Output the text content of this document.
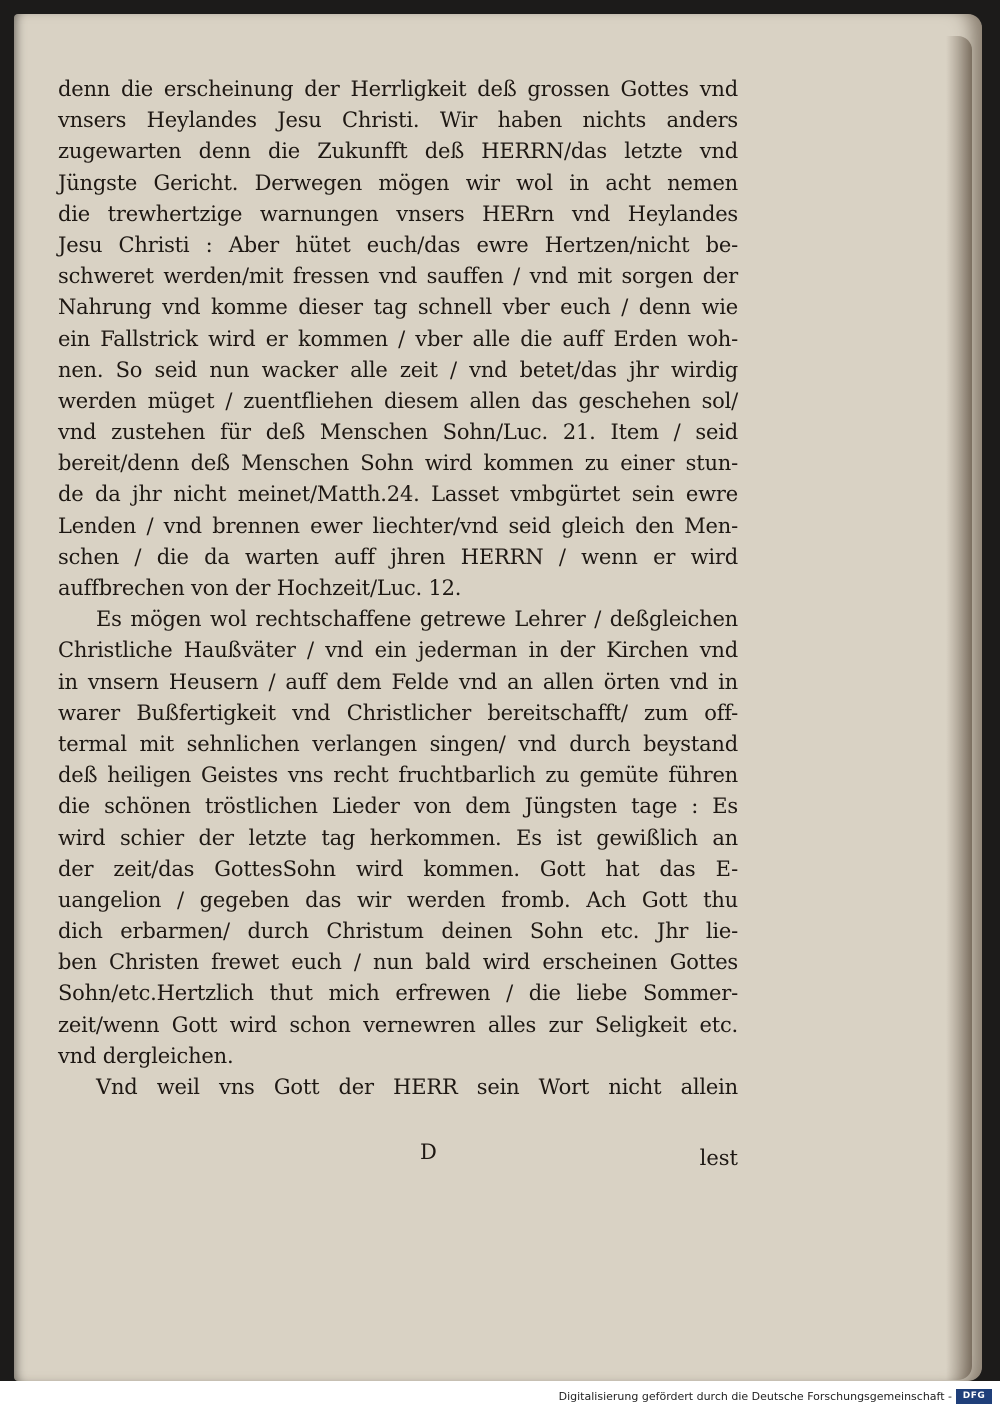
denn die erscheinung der Herrligkeit deß grossen Gottes vnd
vnsers Heylandes Jesu Christi. Wir haben nichts anders
zugewarten denn die Zukunfft deß HERRN/das letzte vnd
Jüngste Gericht. Derwegen mögen wir wol in acht nemen
die trewhertzige warnungen vnsers HERrn vnd Heylandes
Jesu Christi : Aber hütet euch/das ewre Hertzen/nicht be-
schweret werden/mit fressen vnd sauffen / vnd mit sorgen der
Nahrung vnd komme dieser tag schnell vber euch / denn wie
ein Fallstrick wird er kommen / vber alle die auff Erden woh-
nen. So seid nun wacker alle zeit / vnd betet/das jhr wirdig
werden müget / zuentfliehen diesem allen das geschehen sol/
vnd zustehen für deß Menschen Sohn/Luc. 21. Item / seid
bereit/denn deß Menschen Sohn wird kommen zu einer stun-
de da jhr nicht meinet/Matth.24. Lasset vmbgürtet sein ewre
Lenden / vnd brennen ewer liechter/vnd seid gleich den Men-
schen / die da warten auff jhren HERRN / wenn er wird
auffbrechen von der Hochzeit/Luc. 12.
Es mögen wol rechtschaffene getrewe Lehrer / deßgleichen
Christliche Haußväter / vnd ein jederman in der Kirchen vnd
in vnsern Heusern / auff dem Felde vnd an allen örten vnd in
warer Bußfertigkeit vnd Christlicher bereitschafft/ zum off-
termal mit sehnlichen verlangen singen/ vnd durch beystand
deß heiligen Geistes vns recht fruchtbarlich zu gemüte führen
die schönen tröstlichen Lieder von dem Jüngsten tage : Es
wird schier der letzte tag herkommen. Es ist gewißlich an
der zeit/das GottesSohn wird kommen. Gott hat das E-
uangelion / gegeben das wir werden fromb. Ach Gott thu
dich erbarmen/ durch Christum deinen Sohn etc. Jhr lie-
ben Christen frewet euch / nun bald wird erscheinen Gottes
Sohn/etc.Hertzlich thut mich erfrewen / die liebe Sommer-
zeit/wenn Gott wird schon vernewren alles zur Seligkeit etc.
vnd dergleichen.
Vnd weil vns Gott der HERR sein Wort nicht allein
D	lest
Digitalisierung gefördert durch die Deutsche Forschungsgemeinschaft -	DFG
